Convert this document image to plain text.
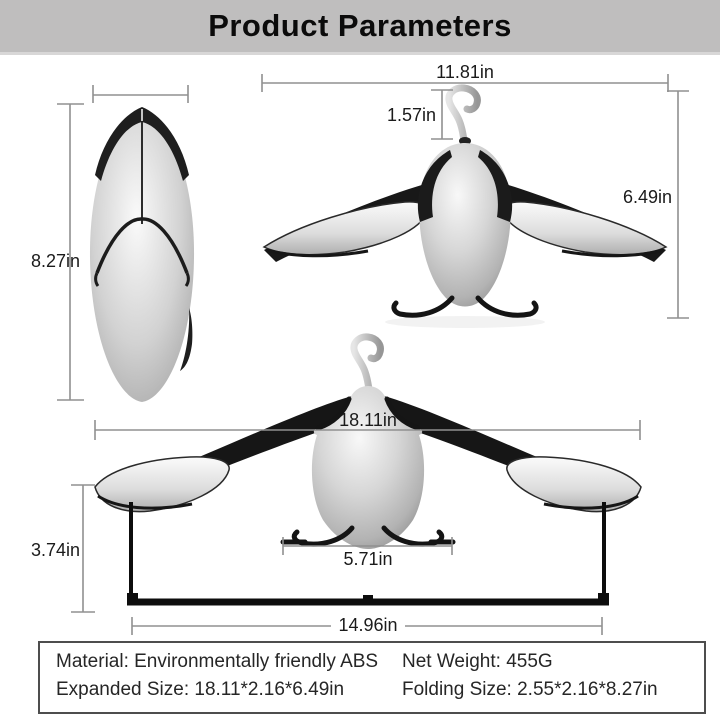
Product Parameters
8.27in
11.81in
1.57in
6.49in
18.11in
3.74in	5.71in
14.96in
Material: Environmentally friendly ABS	Net Weight: 455G
Expanded Size: 18.11*2.16*6.49in	Folding Size: 2.55*2.16*8.27in
